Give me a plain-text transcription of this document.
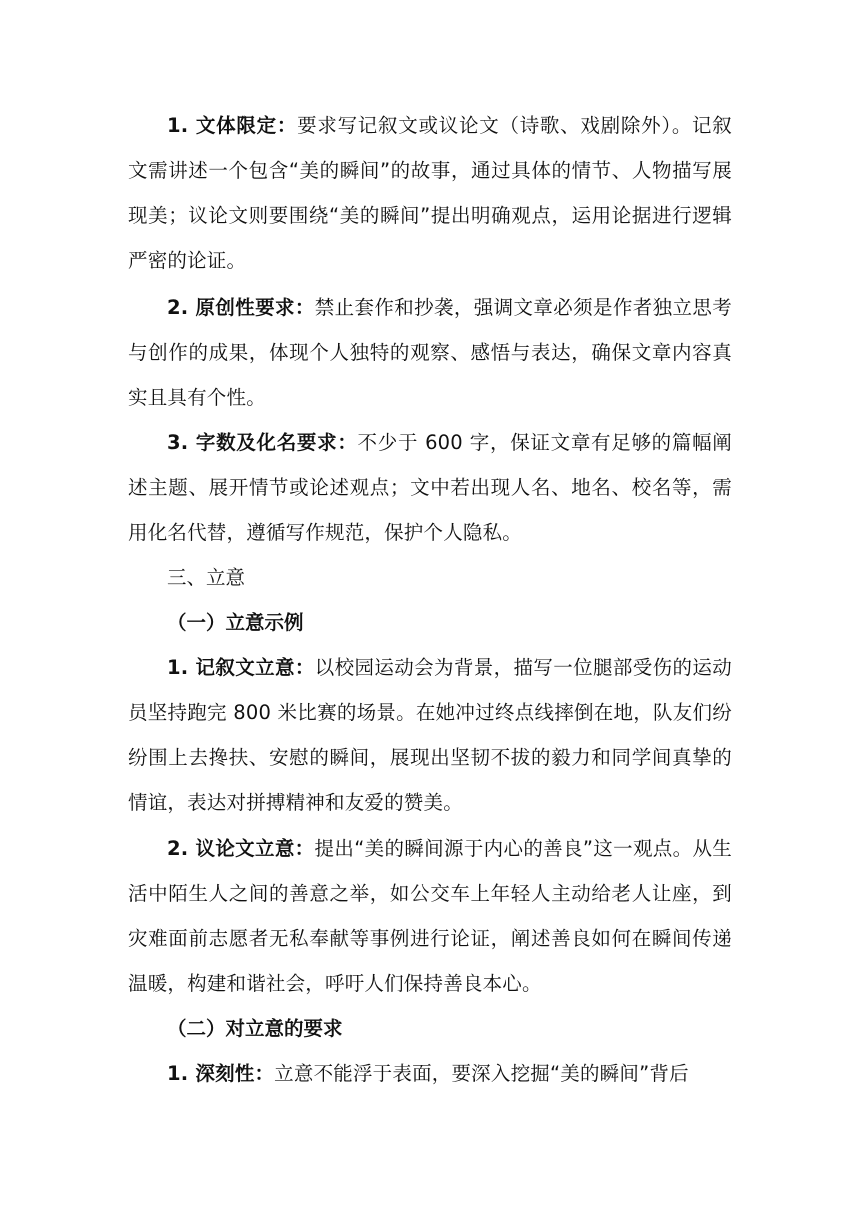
1. 文体限定：要求写记叙文或议论文（诗歌、戏剧除外）。记叙文需讲述一个包含“美的瞬间”的故事，通过具体的情节、人物描写展现美；议论文则要围绕“美的瞬间”提出明确观点，运用论据进行逻辑严密的论证。

2. 原创性要求：禁止套作和抄袭，强调文章必须是作者独立思考与创作的成果，体现个人独特的观察、感悟与表达，确保文章内容真实且具有个性。

3. 字数及化名要求：不少于 600 字，保证文章有足够的篇幅阐述主题、展开情节或论述观点；文中若出现人名、地名、校名等，需用化名代替，遵循写作规范，保护个人隐私。

三、立意

（一）立意示例

1. 记叙文立意：以校园运动会为背景，描写一位腿部受伤的运动员坚持跑完 800 米比赛的场景。在她冲过终点线摔倒在地，队友们纷纷围上去搀扶、安慰的瞬间，展现出坚韧不拔的毅力和同学间真挚的情谊，表达对拼搏精神和友爱的赞美。

2. 议论文立意：提出“美的瞬间源于内心的善良”这一观点。从生活中陌生人之间的善意之举，如公交车上年轻人主动给老人让座，到灾难面前志愿者无私奉献等事例进行论证，阐述善良如何在瞬间传递温暖，构建和谐社会，呼吁人们保持善良本心。

（二）对立意的要求

1. 深刻性：立意不能浮于表面，要深入挖掘“美的瞬间”背后
